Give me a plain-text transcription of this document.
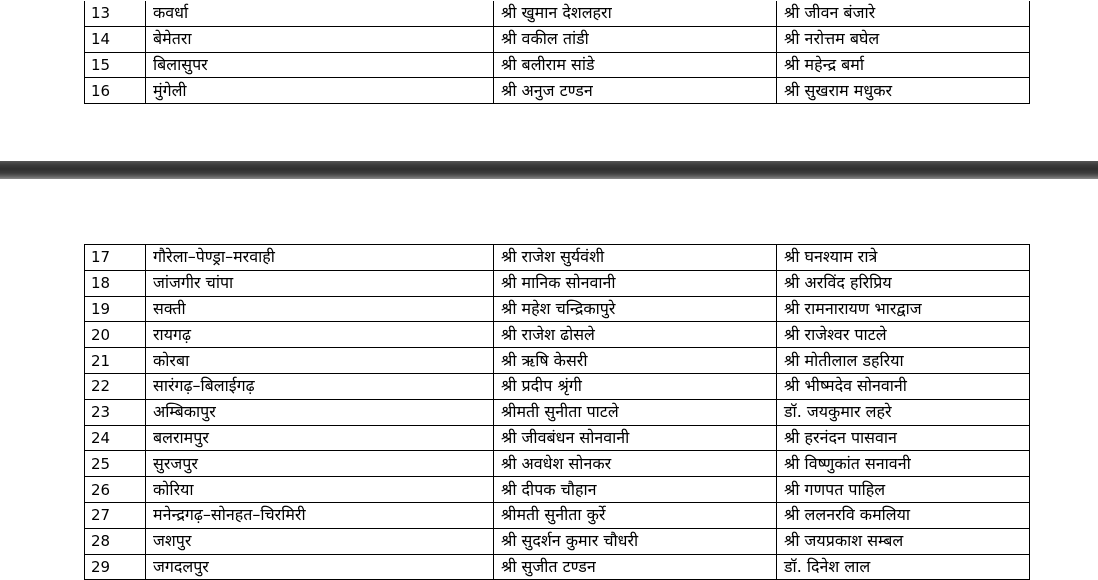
13	कवर्धा	श्री खुमान देशलहरा	श्री जीवन बंजारे
14	बेमेतरा	श्री वकील तांडी	श्री नरोत्तम बघेल
15	बिलासुपर	श्री बलीराम सांडे	श्री महेन्द्र बर्मा
16	मुंगेली	श्री अनुज टण्डन	श्री सुखराम मधुकर
17	गौरेला–पेण्ड्रा–मरवाही	श्री राजेश सुर्यवंशी	श्री घनश्याम रात्रे
18	जांजगीर चांपा	श्री मानिक सोनवानी	श्री अरविंद हरिप्रिय
19	सक्ती	श्री महेश चन्द्रिकापुरे	श्री रामनारायण भारद्वाज
20	रायगढ़	श्री राजेश ढोसले	श्री राजेश्वर पाटले
21	कोरबा	श्री ऋषि केसरी	श्री मोतीलाल डहरिया
22	सारंगढ़–बिलाईगढ़	श्री प्रदीप श्रृंगी	श्री भीष्मदेव सोनवानी
23	अम्बिकापुर	श्रीमती सुनीता पाटले	डॉ. जयकुमार लहरे
24	बलरामपुर	श्री जीवबंधन सोनवानी	श्री हरनंदन पासवान
25	सुरजपुर	श्री अवधेश सोनकर	श्री विष्णुकांत सनावनी
26	कोरिया	श्री दीपक चौहान	श्री गणपत पाहिल
27	मनेन्द्रगढ़–सोनहत–चिरमिरी	श्रीमती सुनीता कुर्रे	श्री ललनरवि कमलिया
28	जशपुर	श्री सुदर्शन कुमार चौधरी	श्री जयप्रकाश सम्बल
29	जगदलपुर	श्री सुजीत टण्डन	डॉ. दिनेश लाल
